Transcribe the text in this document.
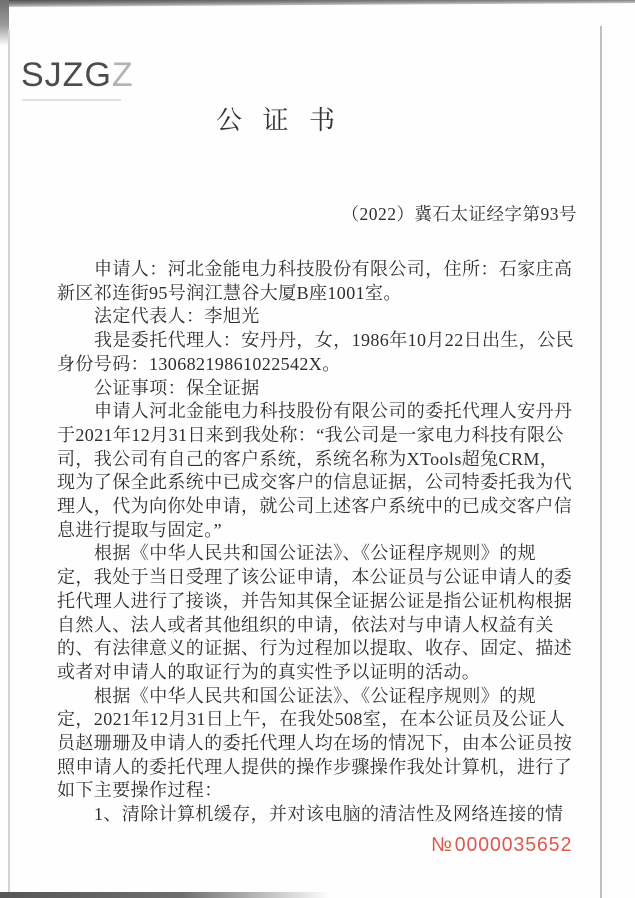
SJZGZ
公 证 书
（2022）冀石太证经字第93号
申请人：河北金能电力科技股份有限公司，住所：石家庄高
新区祁连街95号润江慧谷大厦B座1001室。
法定代表人：李旭光
我是委托代理人：安丹丹，女，1986年10月22日出生，公民
身份号码：13068219861022542X。
公证事项：保全证据
申请人河北金能电力科技股份有限公司的委托代理人安丹丹
于2021年12月31日来到我处称：“我公司是一家电力科技有限公
司，我公司有自己的客户系统，系统名称为XTools超兔CRM，
现为了保全此系统中已成交客户的信息证据，公司特委托我为代
理人，代为向你处申请，就公司上述客户系统中的已成交客户信
息进行提取与固定。”
根据《中华人民共和国公证法》、《公证程序规则》的规
定，我处于当日受理了该公证申请，本公证员与公证申请人的委
托代理人进行了接谈，并告知其保全证据公证是指公证机构根据
自然人、法人或者其他组织的申请，依法对与申请人权益有关
的、有法律意义的证据、行为过程加以提取、收存、固定、描述
或者对申请人的取证行为的真实性予以证明的活动。
根据《中华人民共和国公证法》、《公证程序规则》的规
定，2021年12月31日上午，在我处508室，在本公证员及公证人
员赵珊珊及申请人的委托代理人均在场的情况下，由本公证员按
照申请人的委托代理人提供的操作步骤操作我处计算机，进行了
如下主要操作过程：
1、清除计算机缓存，并对该电脑的清洁性及网络连接的情
№0000035652
